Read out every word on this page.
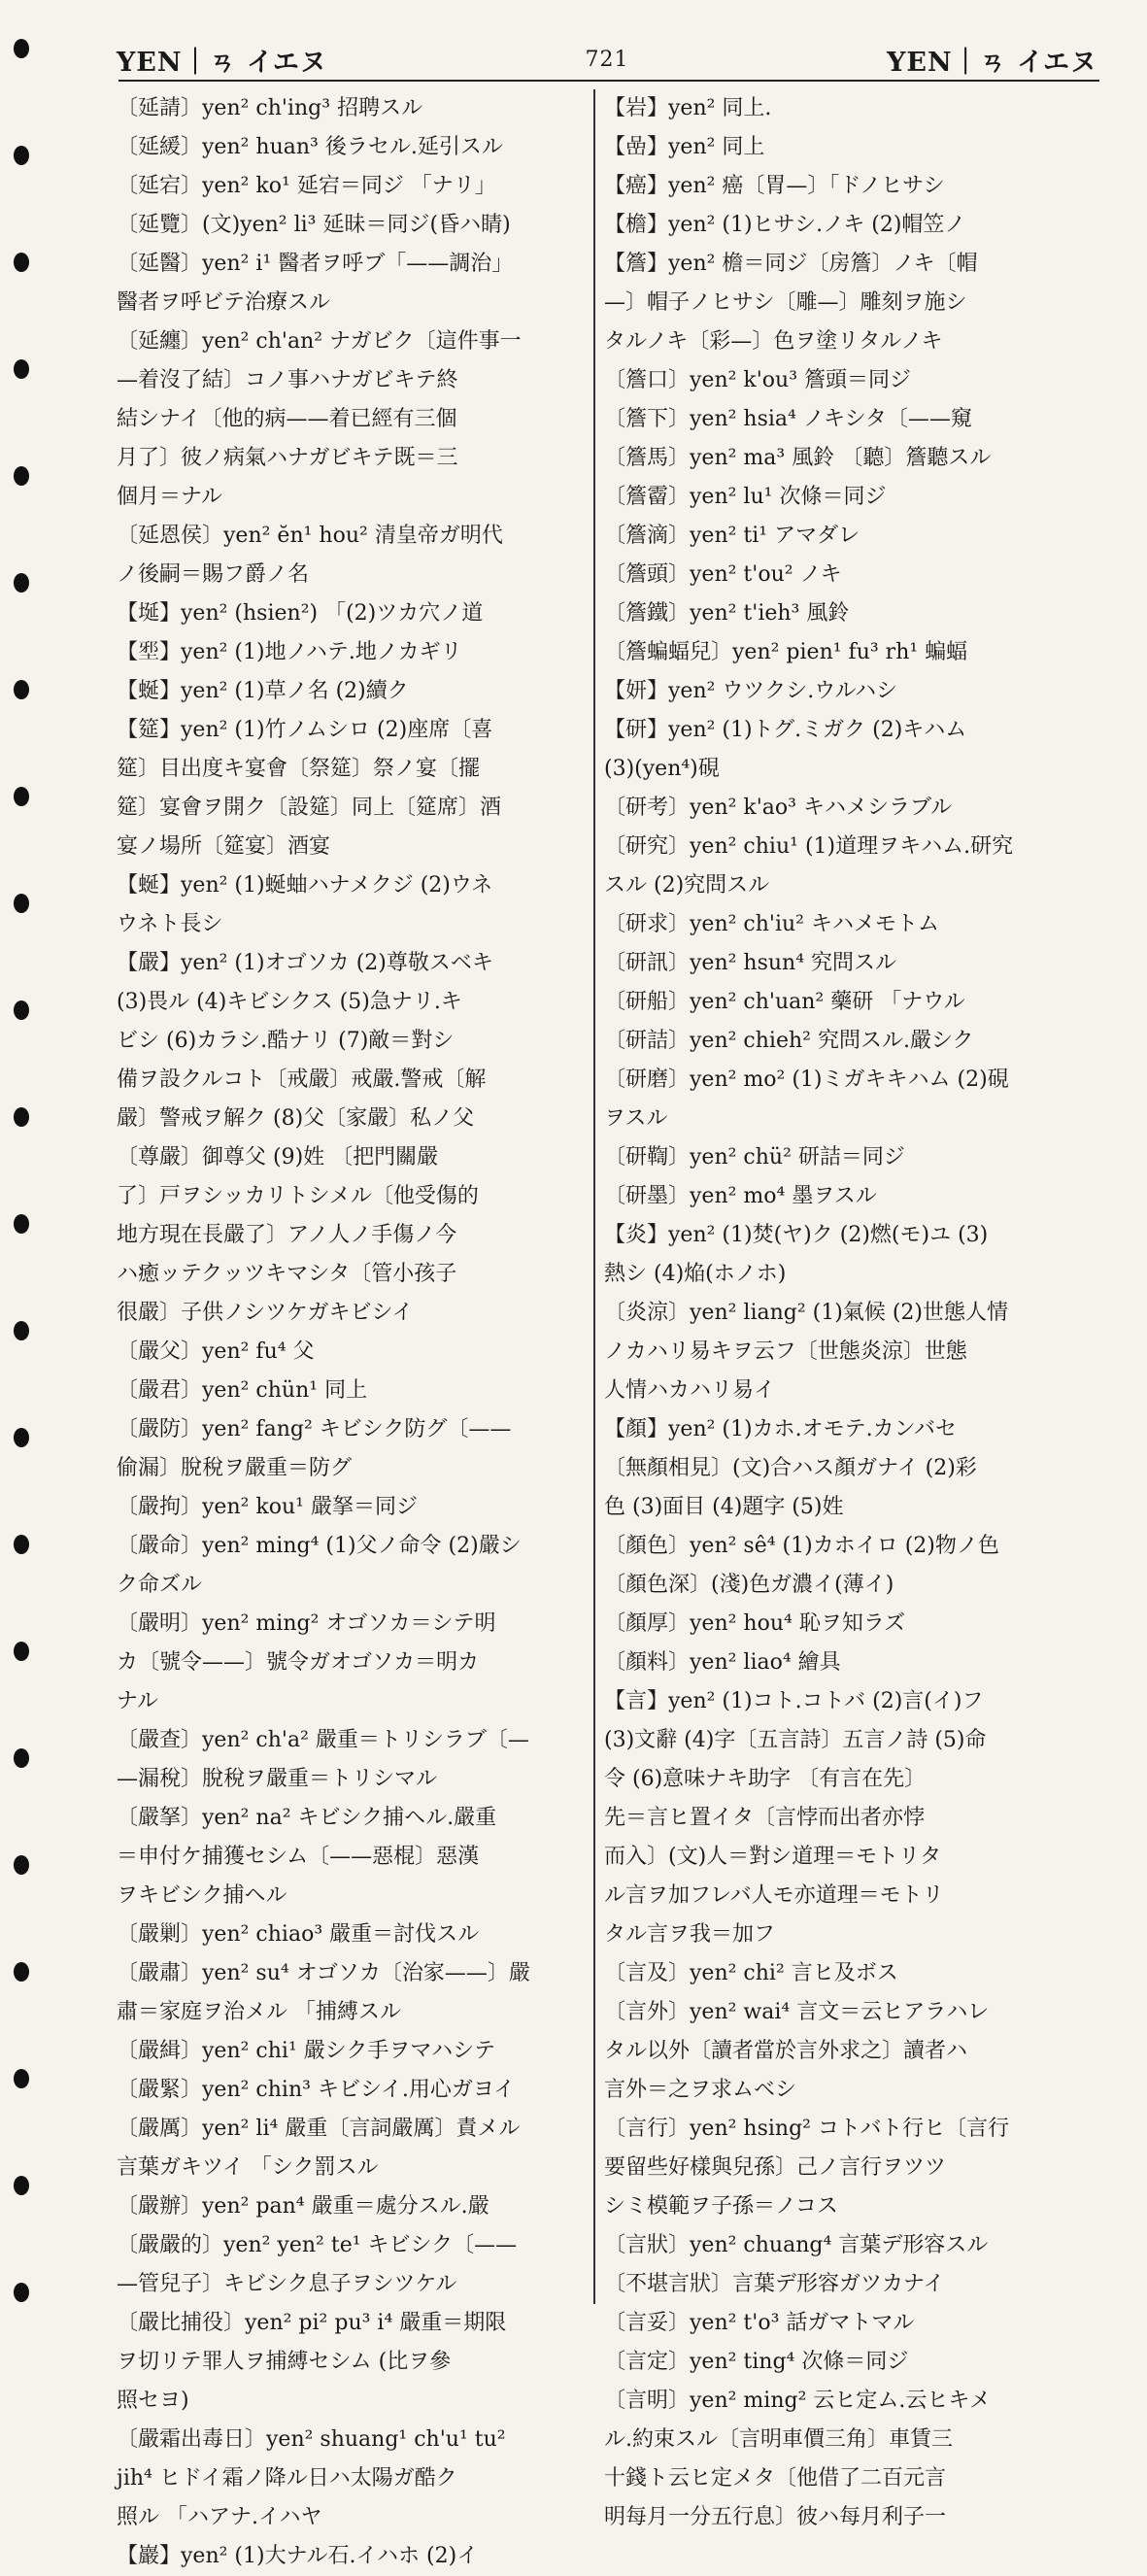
YEN｜ㄢ イエヌ	721	YEN｜ㄢ イエヌ

〔延請〕yen² ch'ing³ 招聘スル

〔延緩〕yen² huan³ 後ラセル.延引スル

〔延宕〕yen² ko¹ 延宕＝同ジ 「ナリ」

〔延覽〕(文)yen² li³ 延昧＝同ジ(昏ハ睛)

〔延醫〕yen² i¹ 醫者ヲ呼ブ「——調治」

醫者ヲ呼ビテ治療スル

〔延纏〕yen² ch'an² ナガビク〔這件事一

—着沒了結〕コノ事ハナガビキテ終

結シナイ〔他的病——着已經有三個

月了〕彼ノ病氣ハナガビキテ既＝三

個月＝ナル

〔延恩侯〕yen² ĕn¹ hou² 清皇帝ガ明代

ノ後嗣＝賜フ爵ノ名

【埏】yen² (hsien²) 「(2)ツカ穴ノ道

【𡌯】yen² (1)地ノハテ.地ノカギリ

【蜒】yen² (1)草ノ名 (2)續ク

【筵】yen² (1)竹ノムシロ (2)座席〔喜

筵〕目出度キ宴會〔祭筵〕祭ノ宴〔擺

筵〕宴會ヲ開ク〔設筵〕同上〔筵席〕酒

宴ノ場所〔筵宴〕酒宴

【蜒】yen² (1)蜒蚰ハナメクジ (2)ウネ

ウネト長シ

【嚴】yen² (1)オゴソカ (2)尊敬スベキ

(3)畏ル (4)キビシクス (5)急ナリ.キ

ビシ (6)カラシ.酷ナリ (7)敵＝對シ

備ヲ設クルコト〔戒嚴〕戒嚴.警戒〔解

嚴〕警戒ヲ解ク (8)父〔家嚴〕私ノ父

〔尊嚴〕御尊父 (9)姓 〔把門關嚴

了〕戸ヲシッカリトシメル〔他受傷的

地方現在長嚴了〕アノ人ノ手傷ノ今

ハ癒ッテクッツキマシタ〔管小孩子

很嚴〕子供ノシツケガキビシイ

〔嚴父〕yen² fu⁴ 父

〔嚴君〕yen² chün¹ 同上

〔嚴防〕yen² fang² キビシク防グ〔——

偷漏〕脫稅ヲ嚴重＝防グ

〔嚴拘〕yen² kou¹ 嚴拏＝同ジ

〔嚴命〕yen² ming⁴ (1)父ノ命令 (2)嚴シ

ク命ズル

〔嚴明〕yen² ming² オゴソカ＝シテ明

カ〔號令——〕號令ガオゴソカ＝明カ

ナル

〔嚴查〕yen² ch'a² 嚴重＝トリシラブ〔—

—漏稅〕脫稅ヲ嚴重＝トリシマル

〔嚴拏〕yen² na² キビシク捕ヘル.嚴重

＝申付ケ捕獲セシム〔——惡棍〕惡漢

ヲキビシク捕ヘル

〔嚴剿〕yen² chiao³ 嚴重＝討伐スル

〔嚴肅〕yen² su⁴ オゴソカ〔治家——〕嚴

肅＝家庭ヲ治メル 「捕縛スル

〔嚴緝〕yen² chi¹ 嚴シク手ヲマハシテ

〔嚴緊〕yen² chin³ キビシイ.用心ガヨイ

〔嚴厲〕yen² li⁴ 嚴重〔言詞嚴厲〕責メル

言葉ガキツイ 「シク罰スル

〔嚴辦〕yen² pan⁴ 嚴重＝處分スル.嚴

〔嚴嚴的〕yen² yen² te¹ キビシク〔——

—管兒子〕キビシク息子ヲシツケル

〔嚴比捕役〕yen² pi² pu³ i⁴ 嚴重＝期限

ヲ切リテ罪人ヲ捕縛セシム (比ヲ參

照セヨ)

〔嚴霜出毒日〕yen² shuang¹ ch'u¹ tu²

jih⁴ ヒドイ霜ノ降ル日ハ太陽ガ酷ク

照ル 「ハアナ.イハヤ

【巖】yen² (1)大ナル石.イハホ (2)イ

【岩】yen² 同上.

【嵒】yen² 同上

【癌】yen² 癌〔胃—〕「ドノヒサシ

【檐】yen² (1)ヒサシ.ノキ (2)帽笠ノ

【簷】yen² 檐＝同ジ〔房簷〕ノキ〔帽

—〕帽子ノヒサシ〔雕—〕雕刻ヲ施シ

タルノキ〔彩—〕色ヲ塗リタルノキ

〔簷口〕yen² k'ou³ 簷頭＝同ジ

〔簷下〕yen² hsia⁴ ノキシタ〔——窺

〔簷馬〕yen² ma³ 風鈴 〔聽〕簷聽スル

〔簷霤〕yen² lu¹ 次條＝同ジ

〔簷滴〕yen² ti¹ アマダレ

〔簷頭〕yen² t'ou² ノキ

〔簷鐵〕yen² t'ieh³ 風鈴

〔簷蝙蝠兒〕yen² pien¹ fu³ rh¹ 蝙蝠

【妍】yen² ウツクシ.ウルハシ

【研】yen² (1)トグ.ミガク (2)キハム

(3)(yen⁴)硯

〔研考〕yen² k'ao³ キハメシラブル

〔研究〕yen² chiu¹ (1)道理ヲキハム.研究

スル (2)究問スル

〔研求〕yen² ch'iu² キハメモトム

〔研訊〕yen² hsun⁴ 究問スル

〔研船〕yen² ch'uan² 藥研 「ナウル

〔研詰〕yen² chieh² 究問スル.嚴シク

〔研磨〕yen² mo² (1)ミガキキハム (2)硯

ヲスル

〔研鞫〕yen² chü² 研詰＝同ジ

〔研墨〕yen² mo⁴ 墨ヲスル

【炎】yen² (1)焚(ヤ)ク (2)燃(モ)ユ (3)

熱シ (4)焔(ホノホ)

〔炎涼〕yen² liang² (1)氣候 (2)世態人情

ノカハリ易キヲ云フ〔世態炎涼〕世態

人情ハカハリ易イ

【顏】yen² (1)カホ.オモテ.カンバセ

〔無顏相見〕(文)合ハス顏ガナイ (2)彩

色 (3)面目 (4)題字 (5)姓

〔顏色〕yen² sê⁴ (1)カホイロ (2)物ノ色

〔顏色深〕(淺)色ガ濃イ(薄イ)

〔顏厚〕yen² hou⁴ 恥ヲ知ラズ

〔顏料〕yen² liao⁴ 繪具

【言】yen² (1)コト.コトバ (2)言(イ)フ

(3)文辭 (4)字〔五言詩〕五言ノ詩 (5)命

令 (6)意味ナキ助字 〔有言在先〕

先＝言ヒ置イタ〔言悖而出者亦悖

而入〕(文)人＝對シ道理＝モトリタ

ル言ヲ加フレバ人モ亦道理＝モトリ

タル言ヲ我＝加フ

〔言及〕yen² chi² 言ヒ及ボス

〔言外〕yen² wai⁴ 言文＝云ヒアラハレ

タル以外〔讀者當於言外求之〕讀者ハ

言外＝之ヲ求ムベシ

〔言行〕yen² hsing² コトバト行ヒ〔言行

要留些好樣與兒孫〕己ノ言行ヲツツ

シミ模範ヲ子孫＝ノコス

〔言狀〕yen² chuang⁴ 言葉デ形容スル

〔不堪言狀〕言葉デ形容ガツカナイ

〔言妥〕yen² t'o³ 話ガマトマル

〔言定〕yen² ting⁴ 次條＝同ジ

〔言明〕yen² ming² 云ヒ定ム.云ヒキメ

ル.約束スル〔言明車價三角〕車賃三

十錢ト云ヒ定メタ〔他借了二百元言

明每月一分五行息〕彼ハ每月利子一
